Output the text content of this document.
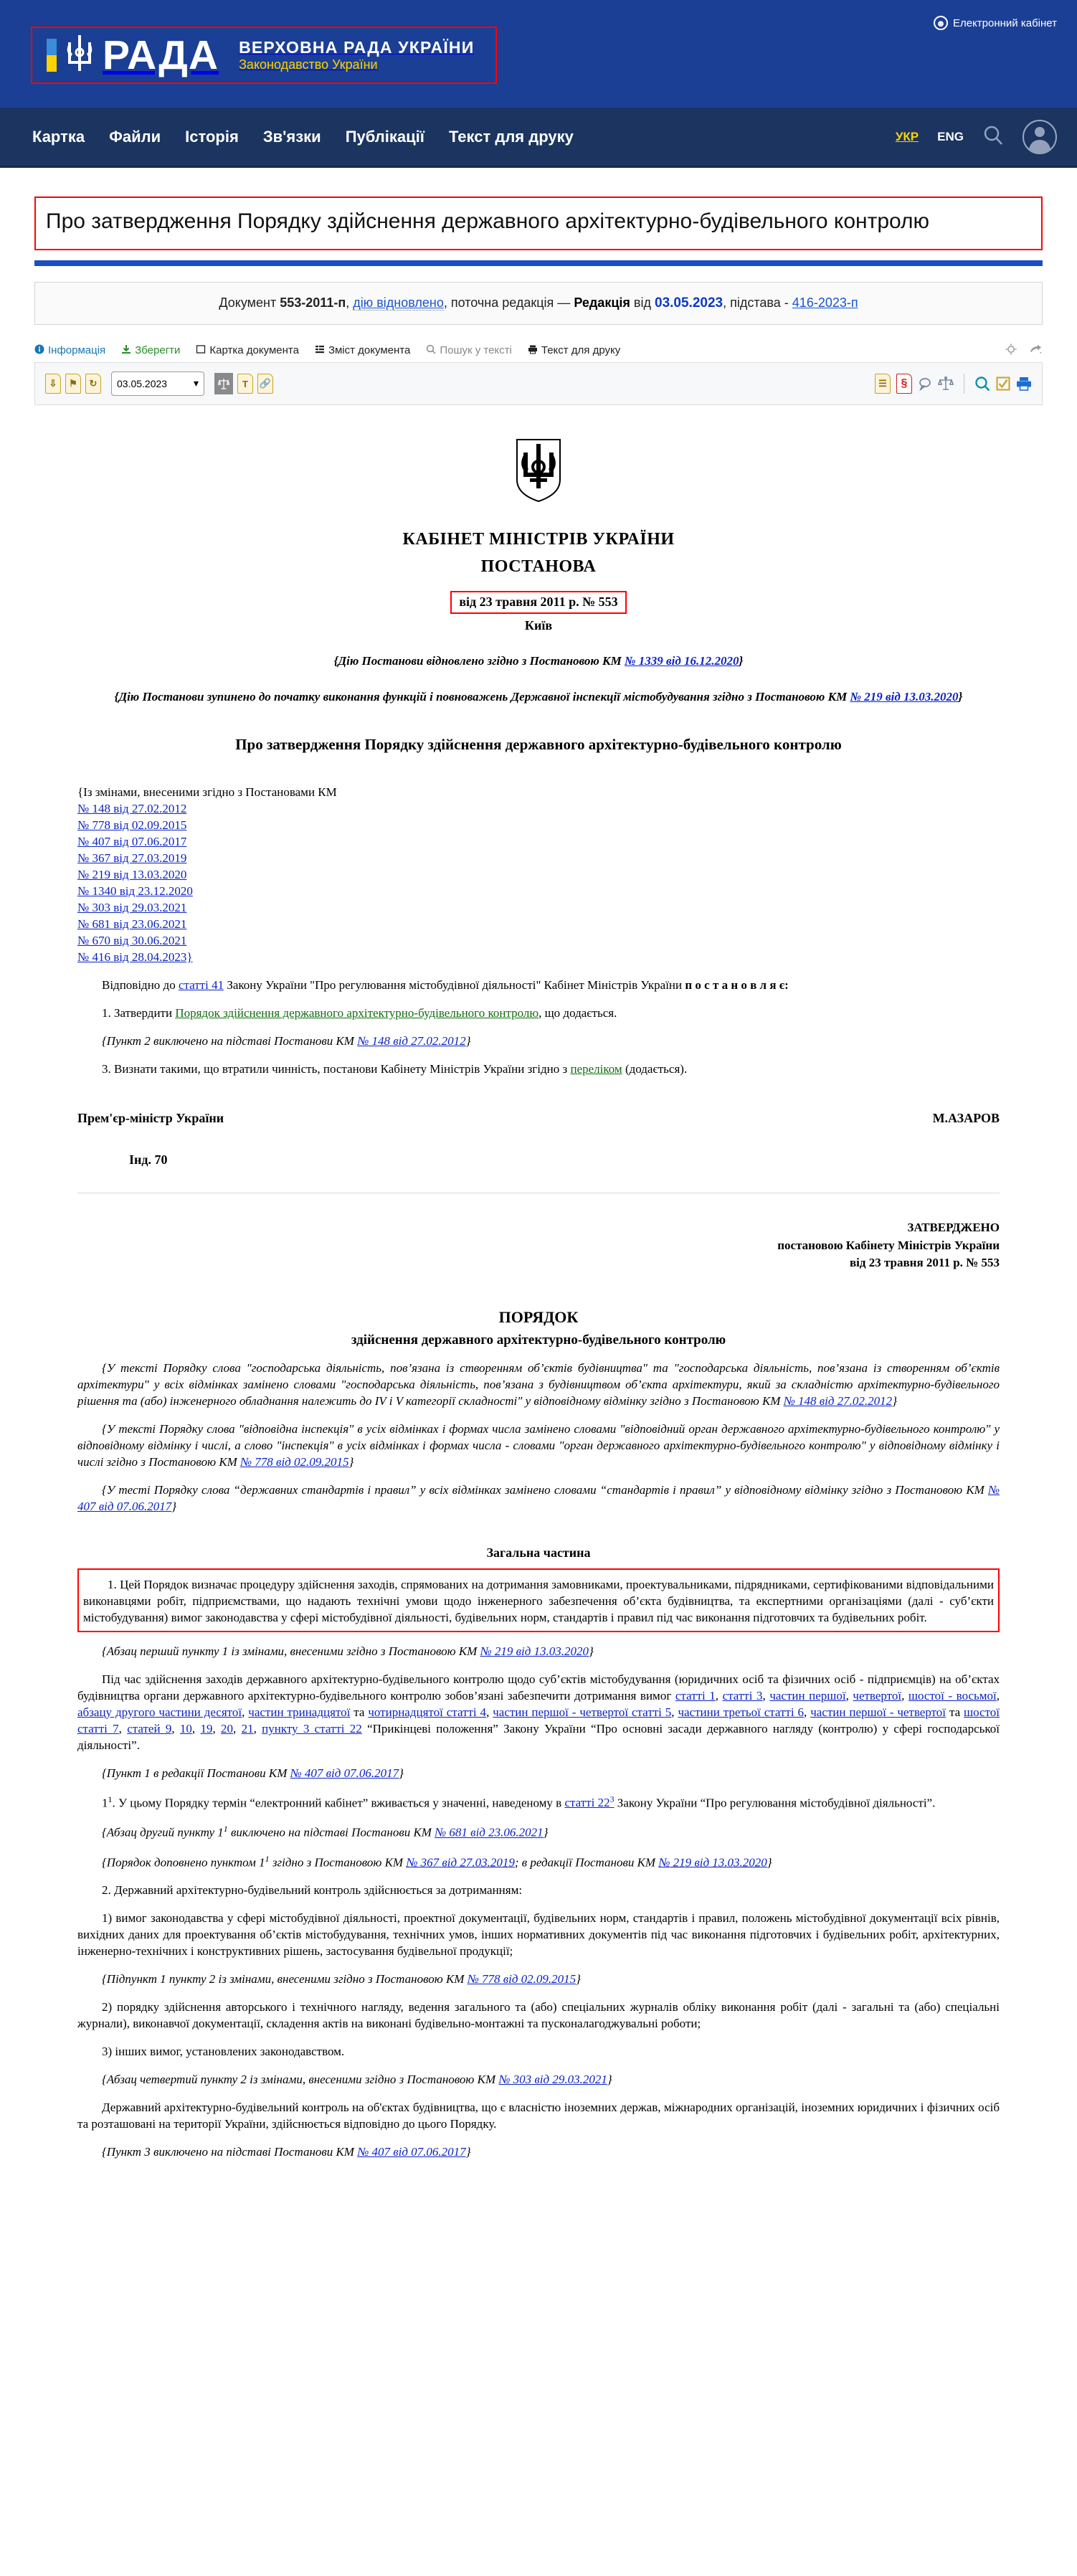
РАДА ВЕРХОВНА РАДА УКРАЇНИ
Законодавство України
☻ Електронний кабінет
Картка Файли Історія Зв'язки Публікації Текст для друку	УКР ENG
Про затвердження Порядку здійснення державного архітектурно-будівельного контролю
Документ 553-2011-п, дію відновлено, поточна редакція — Редакція від 03.05.2023, підстава - 416-2023-п
Інформація	Зберегти	Картка документа	Зміст документа	Пошук у текстi	Текст для друку
⇩	⚑	↻	03.05.2023	▾	T	🔗	☰	§

КАБІНЕТ МІНІСТРІВ УКРАЇНИ

ПОСТАНОВА

від 23 травня 2011 р. № 553

Київ

{Дію Постанови відновлено згідно з Постановою КМ № 1339 від 16.12.2020}

{Дію Постанови зупинено до початку виконання функцій і повноважень Державної інспекції містобудування згідно з Постановою КМ № 219 від 13.03.2020}

Про затвердження Порядку здійснення державного архітектурно-будівельного контролю

{Із змінами, внесеними згідно з Постановами КМ
№ 148 від 27.02.2012
№ 778 від 02.09.2015
№ 407 від 07.06.2017
№ 367 від 27.03.2019
№ 219 від 13.03.2020
№ 1340 від 23.12.2020
№ 303 від 29.03.2021
№ 681 від 23.06.2021
№ 670 від 30.06.2021
№ 416 від 28.04.2023}

Відповідно до статті 41 Закону України "Про регулювання містобудівної діяльності" Кабінет Міністрів України п о с т а н о в л я є:

1. Затвердити Порядок здійснення державного архітектурно-будівельного контролю, що додається.

{Пункт 2 виключено на підставі Постанови КМ № 148 від 27.02.2012}

3. Визнати такими, що втратили чинність, постанови Кабінету Міністрів України згідно з переліком (додається).

Прем'єр-міністр України	М.АЗАРОВ

Інд. 70

ЗАТВЕРДЖЕНО
постановою Кабінету Міністрів України
від 23 травня 2011 р. № 553

ПОРЯДОК

здійснення державного архітектурно-будівельного контролю

{У тексті Порядку слова "господарська діяльність, пов’язана із створенням об’єктів будівництва" та "господарська діяльність, пов’язана із створенням об’єктів архітектури" у всіх відмінках замінено словами "господарська діяльність, пов’язана з будівництвом об’єкта архітектури, який за складністю архітектурно-будівельного рішення та (або) інженерного обладнання належить до IV і V категорії складності" у відповідному відмінку згідно з Постановою КМ № 148 від 27.02.2012}

{У тексті Порядку слова "відповідна інспекція" в усіх відмінках і формах числа замінено словами "відповідний орган державного архітектурно-будівельного контролю" у відповідному відмінку і числі, а слово "інспекція" в усіх відмінках і формах числа - словами "орган державного архітектурно-будівельного контролю" у відповідному відмінку і числі згідно з Постановою КМ № 778 від 02.09.2015}

{У тесті Порядку слова “державних стандартів і правил” у всіх відмінках замінено словами “стандартів і правил” у відповідному відмінку згідно з Постановою КМ № 407 від 07.06.2017}

Загальна частина

1. Цей Порядок визначає процедуру здійснення заходів, спрямованих на дотримання замовниками, проектувальниками, підрядниками, сертифікованими відповідальними виконавцями робіт, підприємствами, що надають технічні умови щодо інженерного забезпечення об’єкта будівництва, та експертними організаціями (далі - суб’єкти містобудування) вимог законодавства у сфері містобудівної діяльності, будівельних норм, стандартів і правил під час виконання підготовчих та будівельних робіт.

{Абзац перший пункту 1 із змінами, внесеними згідно з Постановою КМ № 219 від 13.03.2020}

Під час здійснення заходів державного архітектурно-будівельного контролю щодо суб’єктів містобудування (юридичних осіб та фізичних осіб - підприємців) на об’єктах будівництва органи державного архітектурно-будівельного контролю зобов’язані забезпечити дотримання вимог статті 1, статті 3, частин першої, четвертої, шостої - восьмої, абзацу другого частини десятої, частин тринадцятої та чотирнадцятої статті 4, частин першої - четвертої статті 5, частини третьої статті 6, частин першої - четвертої та шостої статті 7, статей 9, 10, 19, 20, 21, пункту 3 статті 22 “Прикінцеві положення” Закону України “Про основні засади державного нагляду (контролю) у сфері господарської діяльності”.

{Пункт 1 в редакції Постанови КМ № 407 від 07.06.2017}

$1^1$. У цьому Порядку термін “електронний кабінет” вживається у значенні, наведеному в статті 22$^3$ Закону України “Про регулювання містобудівної діяльності”.

{Абзац другий пункту $1^1$ виключено на підставі Постанови КМ № 681 від 23.06.2021}

{Порядок доповнено пунктом $1^1$ згідно з Постановою КМ № 367 від 27.03.2019; в редакції Постанови КМ № 219 від 13.03.2020}

2. Державний архітектурно-будівельний контроль здійснюється за дотриманням:

1) вимог законодавства у сфері містобудівної діяльності, проектної документації, будівельних норм, стандартів і правил, положень містобудівної документації всіх рівнів, вихідних даних для проектування об’єктів містобудування, технічних умов, інших нормативних документів під час виконання підготовчих і будівельних робіт, архітектурних, інженерно-технічних і конструктивних рішень, застосування будівельної продукції;

{Підпункт 1 пункту 2 із змінами, внесеними згідно з Постановою КМ № 778 від 02.09.2015}

2) порядку здійснення авторського і технічного нагляду, ведення загального та (або) спеціальних журналів обліку виконання робіт (далі - загальні та (або) спеціальні журнали), виконавчої документації, складення актів на виконані будівельно-монтажні та пусконалагоджувальні роботи;

3) інших вимог, установлених законодавством.

{Абзац четвертий пункту 2 із змінами, внесеними згідно з Постановою КМ № 303 від 29.03.2021}

Державний архітектурно-будівельний контроль на об'єктах будівництва, що є власністю іноземних держав, міжнародних організацій, іноземних юридичних і фізичних осіб та розташовані на території України, здійснюється відповідно до цього Порядку.

{Пункт 3 виключено на підставі Постанови КМ № 407 від 07.06.2017}
